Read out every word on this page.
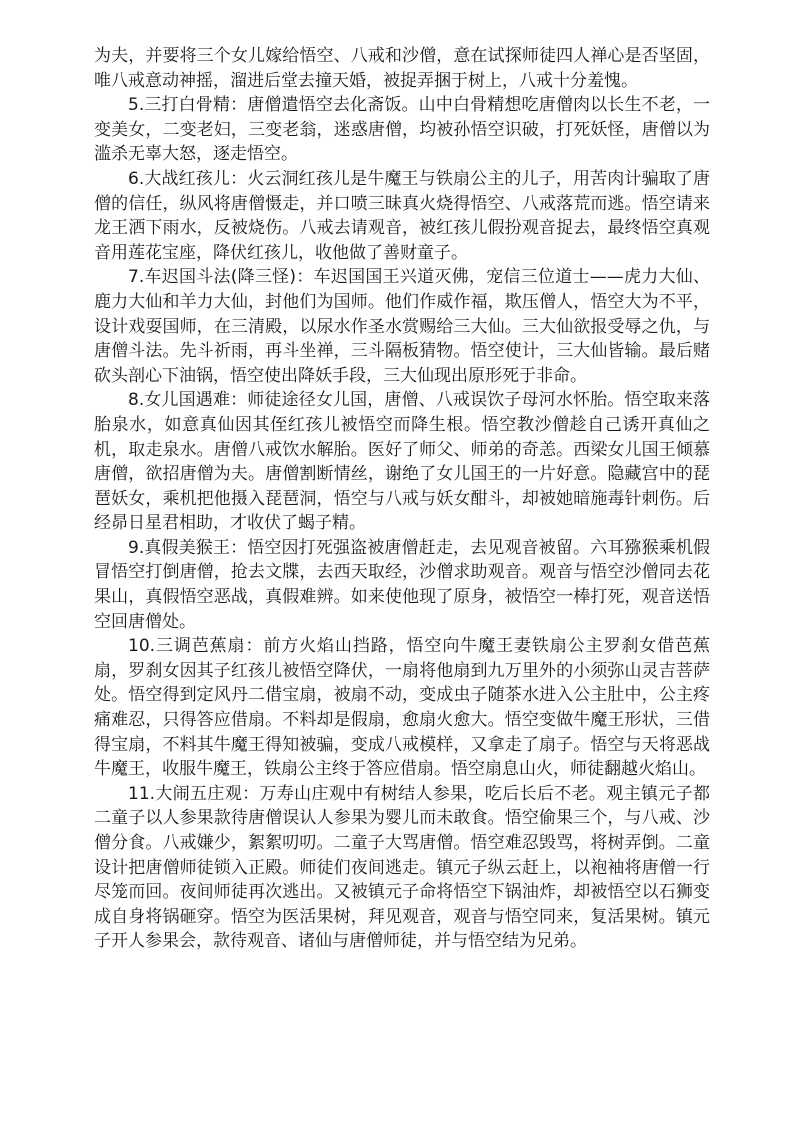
为夫，并要将三个女儿嫁给悟空、八戒和沙僧，意在试探师徒四人禅心是否坚固，唯八戒意动神摇，溜进后堂去撞天婚，被捉弄捆于树上，八戒十分羞愧。

5.三打白骨精：唐僧遣悟空去化斋饭。山中白骨精想吃唐僧肉以长生不老，一变美女，二变老妇，三变老翁，迷惑唐僧，均被孙悟空识破，打死妖怪，唐僧以为滥杀无辜大怒，逐走悟空。

6.大战红孩儿：火云洞红孩儿是牛魔王与铁扇公主的儿子，用苦肉计骗取了唐僧的信任，纵风将唐僧慑走，并口喷三昧真火烧得悟空、八戒落荒而逃。悟空请来龙王洒下雨水，反被烧伤。八戒去请观音，被红孩儿假扮观音捉去，最终悟空真观音用莲花宝座，降伏红孩儿，收他做了善财童子。

7.车迟国斗法(降三怪)：车迟国国王兴道灭佛，宠信三位道士——虎力大仙、鹿力大仙和羊力大仙，封他们为国师。他们作威作福，欺压僧人，悟空大为不平，设计戏耍国师，在三清殿，以尿水作圣水赏赐给三大仙。三大仙欲报受辱之仇，与唐僧斗法。先斗祈雨，再斗坐禅，三斗隔板猜物。悟空使计，三大仙皆输。最后赌砍头剖心下油锅，悟空使出降妖手段，三大仙现出原形死于非命。

8.女儿国遇难：师徒途径女儿国，唐僧、八戒误饮子母河水怀胎。悟空取来落胎泉水，如意真仙因其侄红孩儿被悟空而降生根。悟空教沙僧趁自己诱开真仙之机，取走泉水。唐僧八戒饮水解胎。医好了师父、师弟的奇恙。西梁女儿国王倾慕唐僧，欲招唐僧为夫。唐僧割断情丝，谢绝了女儿国王的一片好意。隐藏宫中的琵琶妖女，乘机把他摄入琵琶洞，悟空与八戒与妖女酣斗，却被她暗施毒针刺伤。后经昴日星君相助，才收伏了蝎子精。

9.真假美猴王：悟空因打死强盗被唐僧赶走，去见观音被留。六耳猕猴乘机假冒悟空打倒唐僧，抢去文牒，去西天取经，沙僧求助观音。观音与悟空沙僧同去花果山，真假悟空恶战，真假难辨。如来使他现了原身，被悟空一棒打死，观音送悟空回唐僧处。

10.三调芭蕉扇：前方火焰山挡路，悟空向牛魔王妻铁扇公主罗刹女借芭蕉扇，罗刹女因其子红孩儿被悟空降伏，一扇将他扇到九万里外的小须弥山灵吉菩萨处。悟空得到定风丹二借宝扇，被扇不动，变成虫子随茶水进入公主肚中，公主疼痛难忍，只得答应借扇。不料却是假扇，愈扇火愈大。悟空变做牛魔王形状，三借得宝扇，不料其牛魔王得知被骗，变成八戒模样，又拿走了扇子。悟空与天将恶战牛魔王，收服牛魔王，铁扇公主终于答应借扇。悟空扇息山火，师徒翻越火焰山。

11.大闹五庄观：万寿山庄观中有树结人参果，吃后长后不老。观主镇元子都二童子以人参果款待唐僧误认人参果为婴儿而未敢食。悟空偷果三个，与八戒、沙僧分食。八戒嫌少，絮絮叨叨。二童子大骂唐僧。悟空难忍毁骂，将树弄倒。二童设计把唐僧师徒锁入正殿。师徒们夜间逃走。镇元子纵云赶上，以袍袖将唐僧一行尽笼而回。夜间师徒再次逃出。又被镇元子命将悟空下锅油炸，却被悟空以石狮变成自身将锅砸穿。悟空为医活果树，拜见观音，观音与悟空同来，复活果树。镇元子开人参果会，款待观音、诸仙与唐僧师徒，并与悟空结为兄弟。
